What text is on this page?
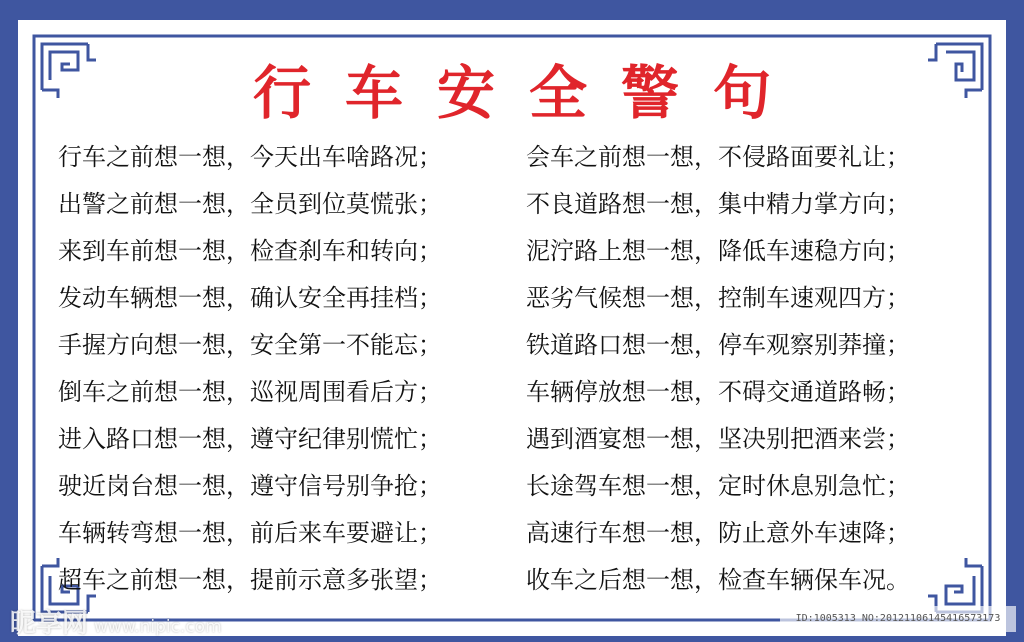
行车安全警句
行车之前想一想，今天出车啥路况；	会车之前想一想，不侵路面要礼让；
出警之前想一想，全员到位莫慌张；	不良道路想一想，集中精力掌方向；
来到车前想一想，检查刹车和转向；	泥泞路上想一想，降低车速稳方向；
发动车辆想一想，确认安全再挂档；	恶劣气候想一想，控制车速观四方；
手握方向想一想，安全第一不能忘；	铁道路口想一想，停车观察别莽撞；
倒车之前想一想，巡视周围看后方；	车辆停放想一想，不碍交通道路畅；
进入路口想一想，遵守纪律别慌忙；	遇到酒宴想一想，坚决别把酒来尝；
驶近岗台想一想，遵守信号别争抢；	长途驾车想一想，定时休息别急忙；
车辆转弯想一想，前后来车要避让；	高速行车想一想，防止意外车速降；
超车之前想一想，提前示意多张望；	收车之后想一想，检查车辆保车况。
昵享网 www.nipic.com	ID:1005313 NO:20121106145416573173
